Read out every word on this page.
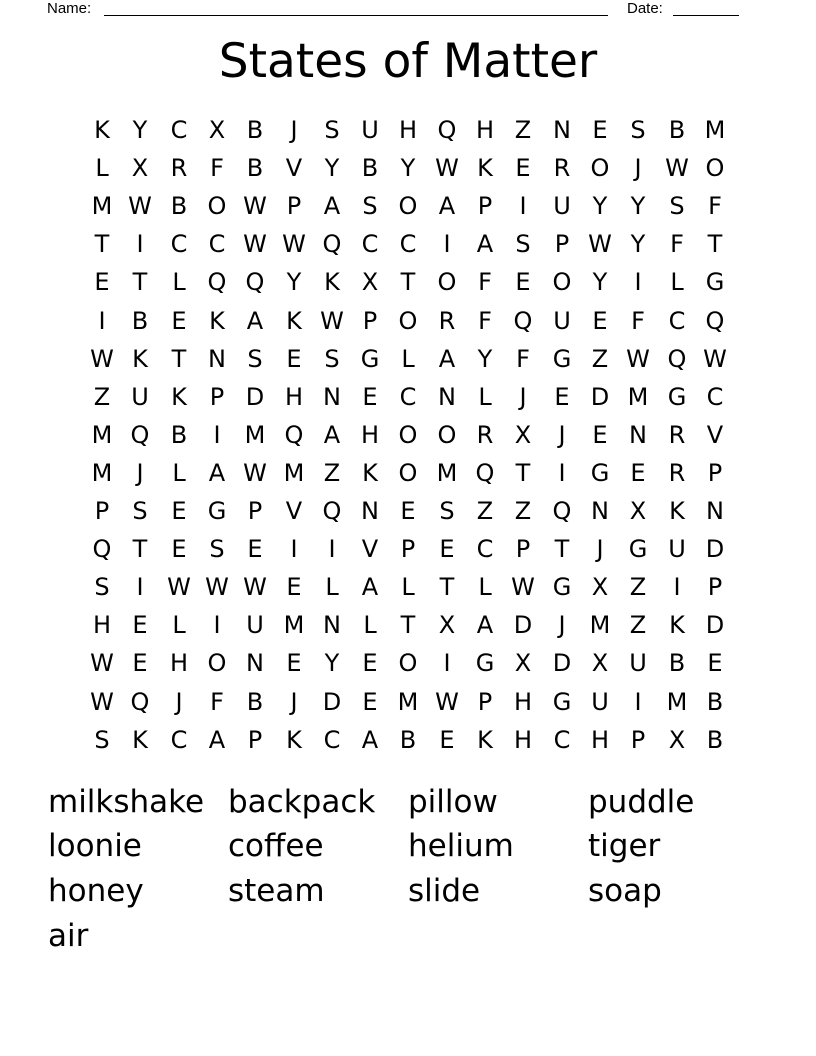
Name:	Date:
States of Matter
K Y C X B	J	S U H Q H Z N E S B M
L X R F B V Y B Y W K E R O	J W O
M W B O W P A S O A P	I	U Y Y	S F
T	I	C C W W Q C C	I	A S	P W Y	F T
E T	L Q Q Y K X T O F E O Y	I	L G
I	B E K A K W P O R F Q U E F C Q
W K T N S E S G L	A Y F G Z W Q W
Z U K P D H N E C N L	J	E D M G C
M Q B	I	M Q A H O O R X	J	E N R V
M	J	L A W M Z K O M Q T	I	G E R P
P S E G P V Q N E S Z Z Q N X K N
Q T	E S E	I	I	V P	E C P	T	J	G U D
S	I W W W E L A L	T L W G X Z	I	P
H E	L	I	U M N L T X A D	J	M Z K D
W E H O N E Y E O	I	G X D X U B E
W Q	J	F B	J	D E M W P H G U	I	M B
S K C A P K C A B E K H C H P X B
milkshake backpack pillow	puddle
loonie	coffee	helium tiger
honey	steam	slide	soap
air
